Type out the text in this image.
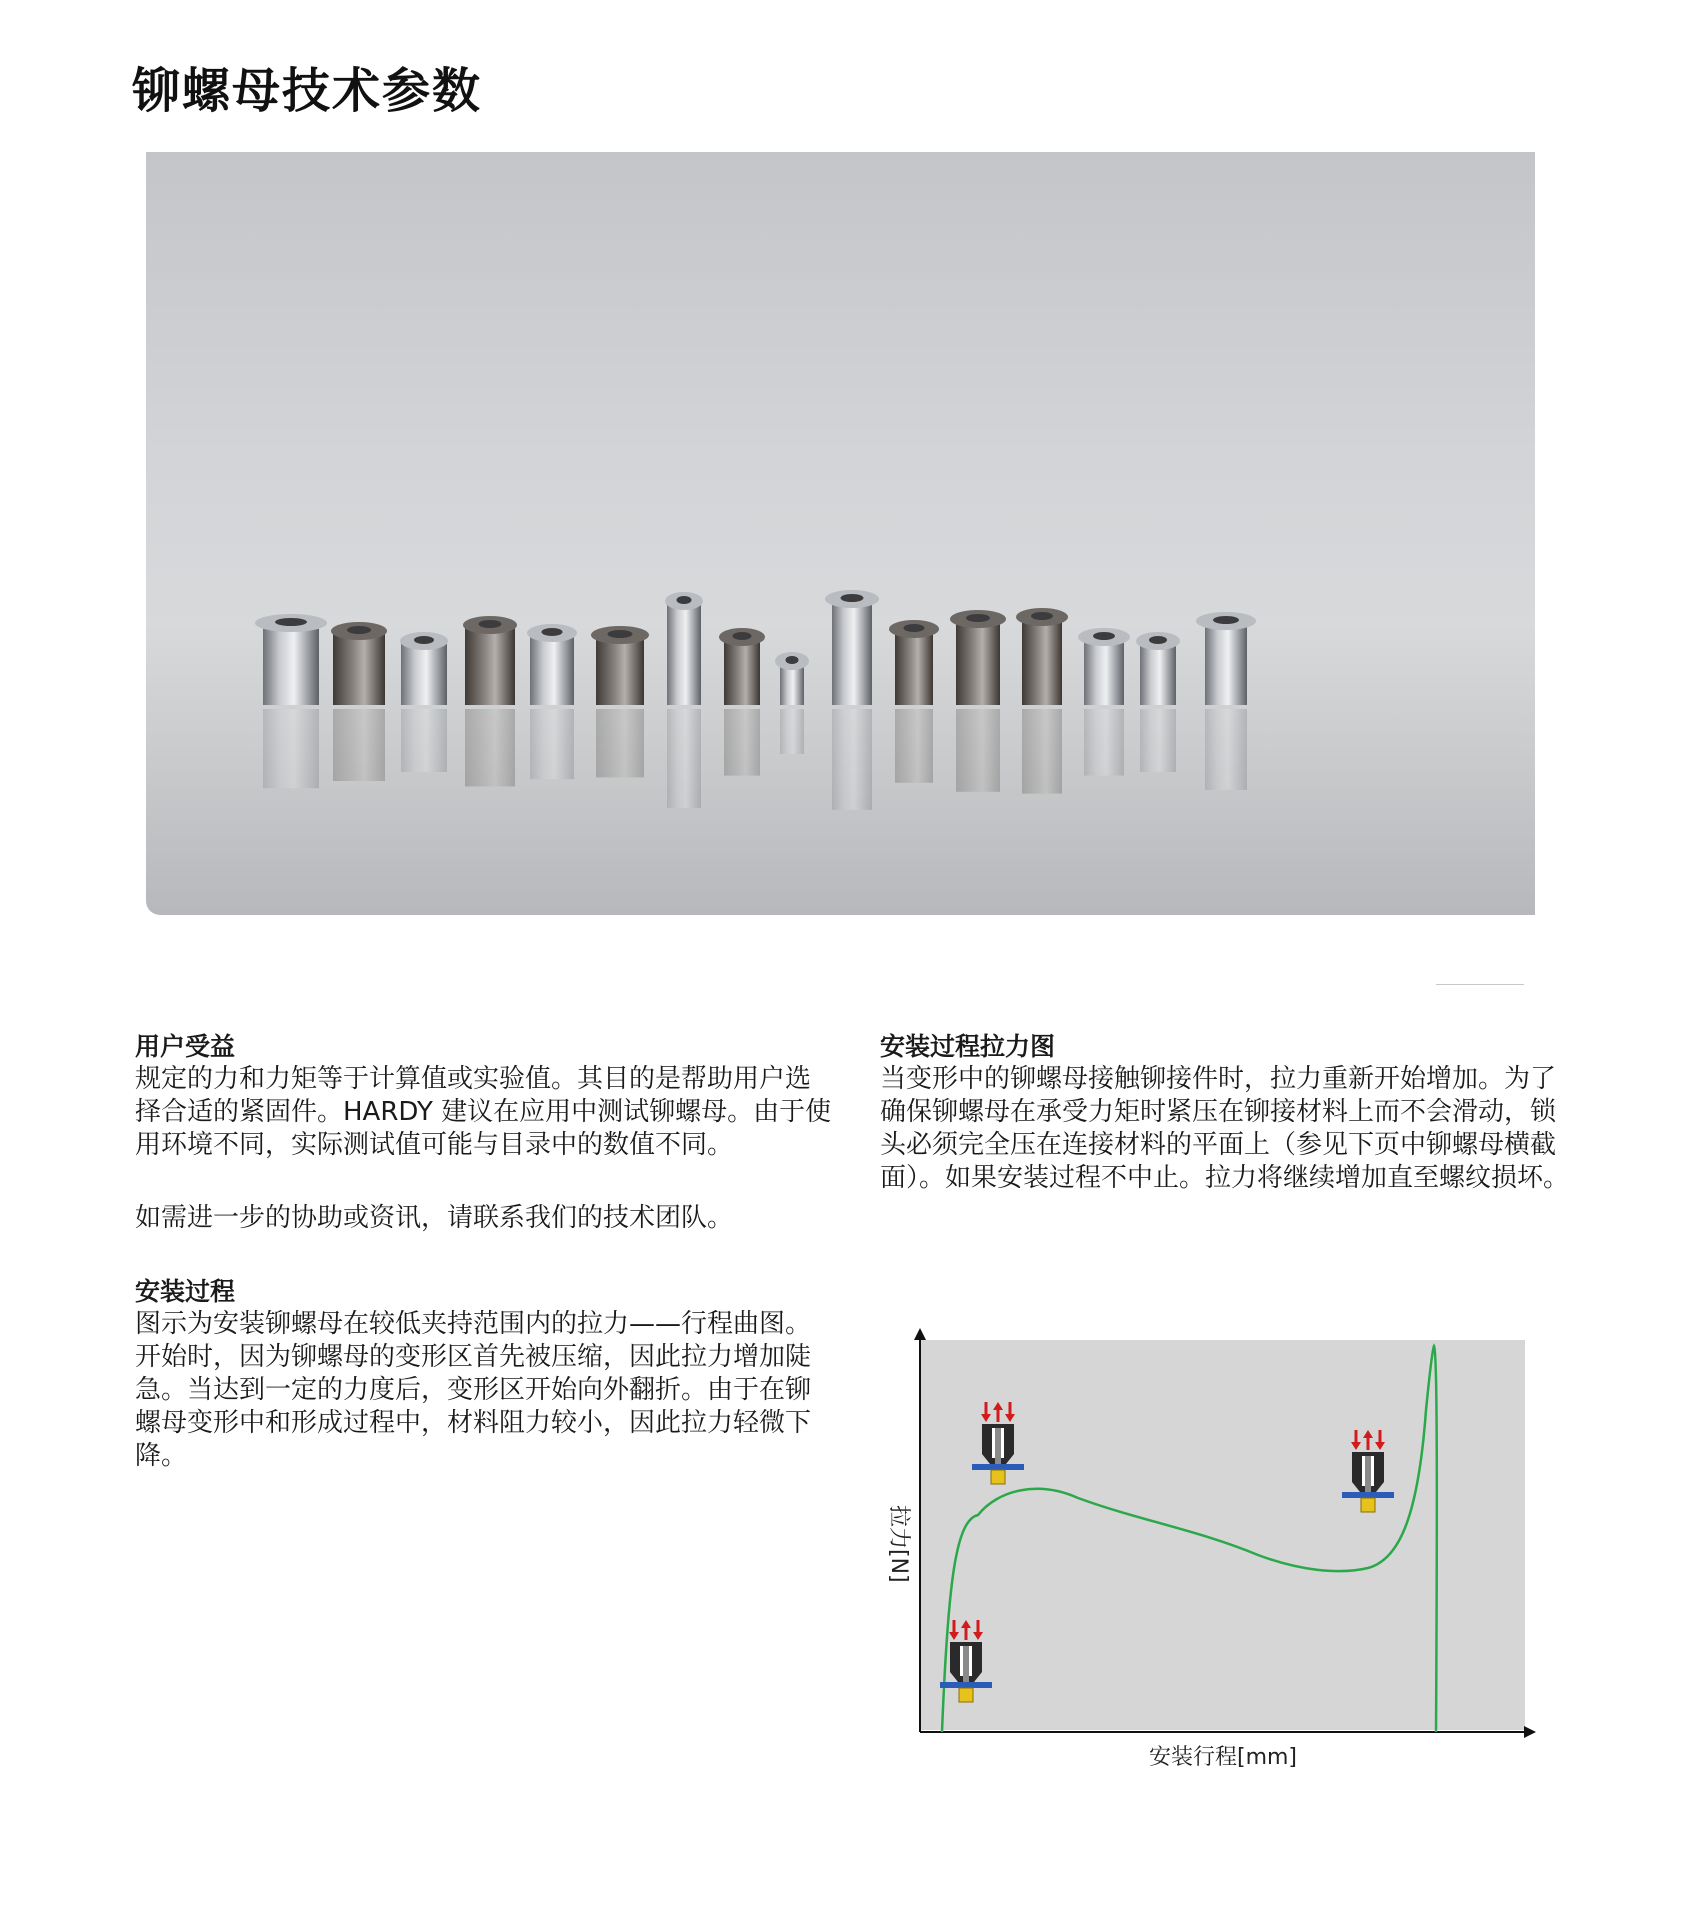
铆螺母技术参数
用户受益

规定的力和力矩等于计算值或实验值。其目的是帮助用户选择合适的紧固件。HARDY 建议在应用中测试铆螺母。由于使用环境不同，实际测试值可能与目录中的数值不同。

如需进一步的协助或资讯，请联系我们的技术团队。

安装过程

图示为安装铆螺母在较低夹持范围内的拉力——行程曲图。开始时，因为铆螺母的变形区首先被压缩，因此拉力增加陡急。当达到一定的力度后，变形区开始向外翻折。由于在铆螺母变形中和形成过程中，材料阻力较小，因此拉力轻微下降。

安装过程拉力图

当变形中的铆螺母接触铆接件时，拉力重新开始增加。为了确保铆螺母在承受力矩时紧压在铆接材料上而不会滑动，锁头必须完全压在连接材料的平面上（参见下页中铆螺母横截面）。如果安装过程不中止。拉力将继续增加直至螺纹损坏。

拉力[N]
安装行程[mm]
